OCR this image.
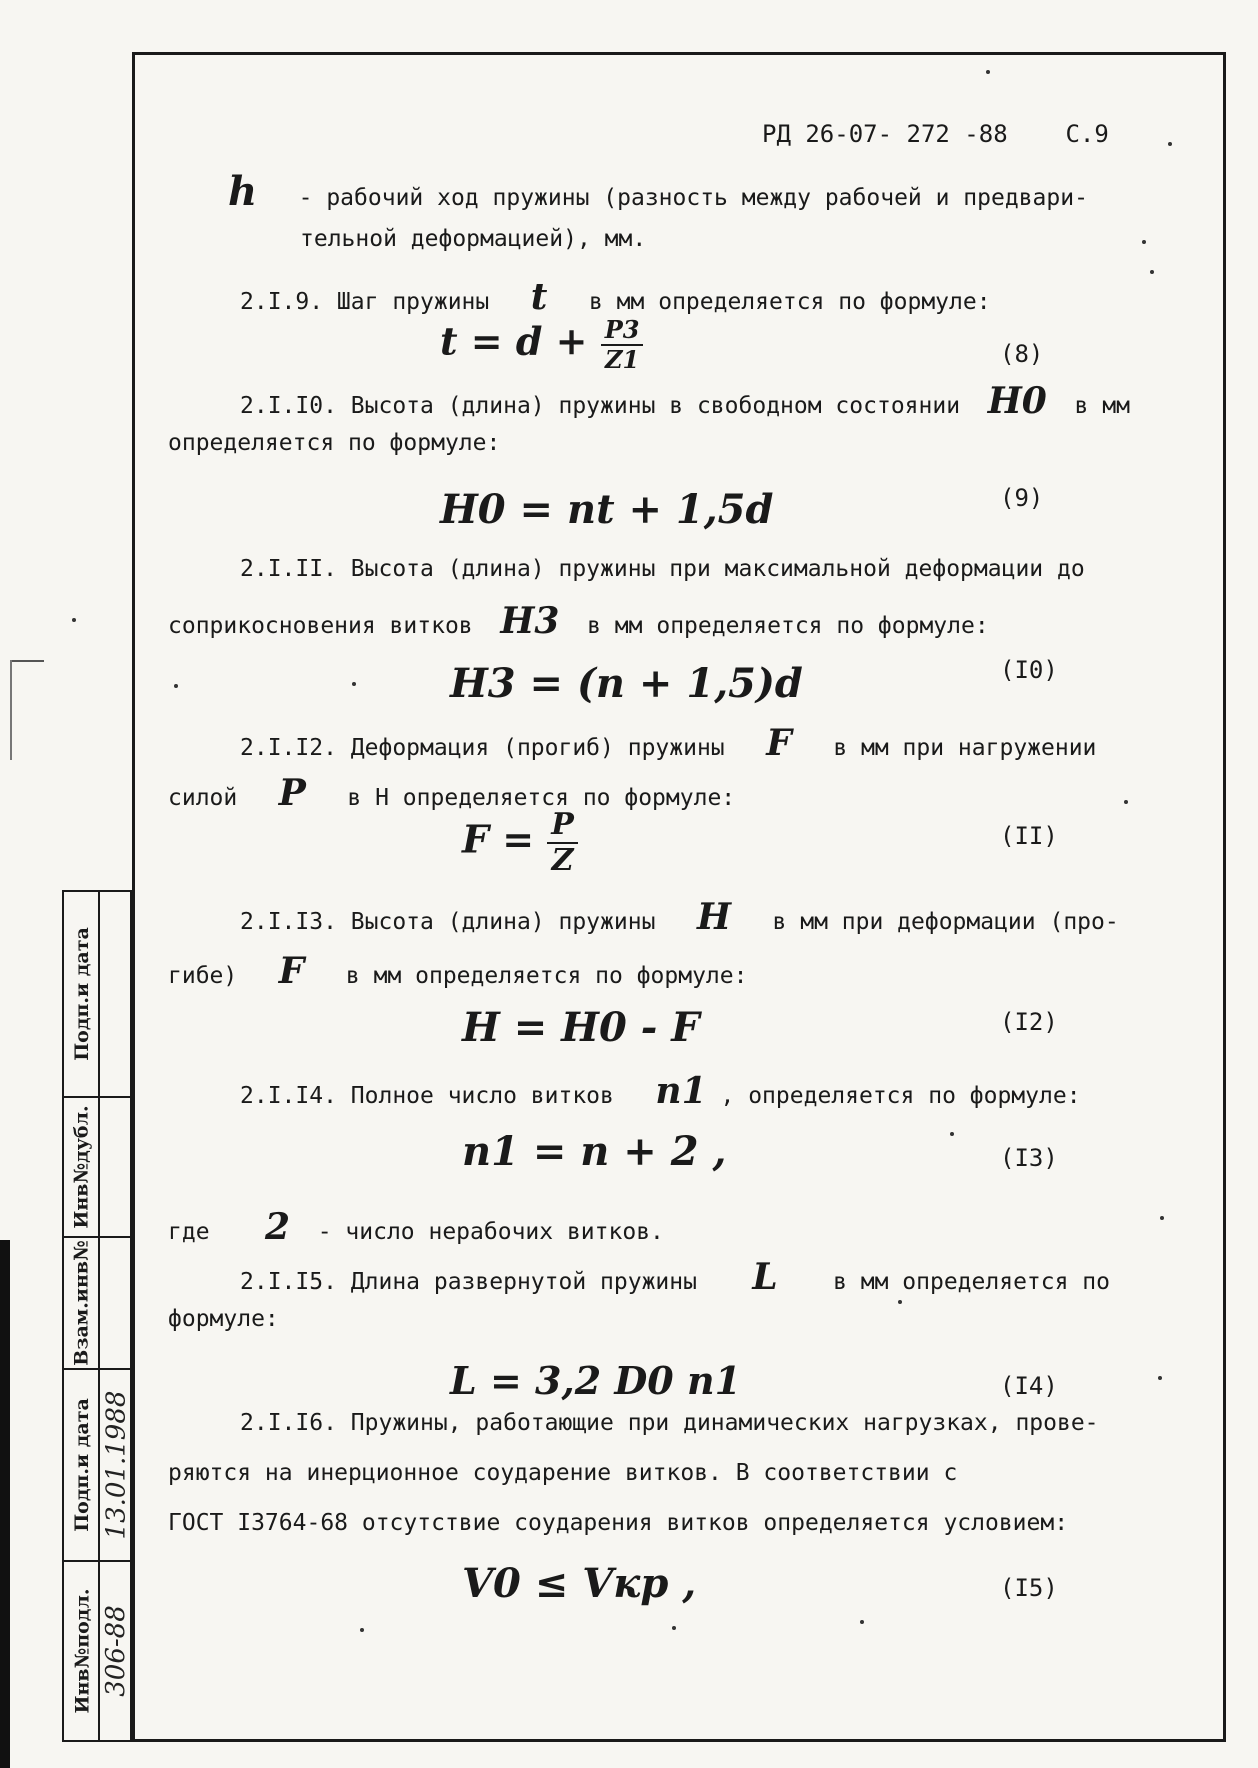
РД 26-07- 272 -88 С.9
h - рабочий ход пружины (разность между рабочей и предвари-
тельной деформацией), мм.
2.I.9. Шаг пружины t в мм определяется по формуле:
$t = d + \frac{P3}{Z1}$	(8)
2.I.I0. Высота (длина) пружины в свободном состоянии H0 в мм
определяется по формуле:
H0 = nt + 1,5d	(9)
2.I.II. Высота (длина) пружины при максимальной деформации до
соприкосновения витков H3 в мм определяется по формуле:
H3 = (n + 1,5)d	(I0)
2.I.I2. Деформация (прогиб) пружины F в мм при нагружении
силой P в Н определяется по формуле:
$F = \frac{P}{Z}$	(II)
2.I.I3. Высота (длина) пружины H в мм при деформации (про-
гибе) F в мм определяется по формуле:
H = H0 - F	(I2)
2.I.I4. Полное число витков n1 , определяется по формуле:
n1 = n + 2 ,	(I3)
где 2 - число нерабочих витков.
2.I.I5. Длина развернутой пружины L в мм определяется по
формуле:
L = 3,2 D0 n1	(I4)
2.I.I6. Пружины, работающие при динамических нагрузках, прове-
ряются на инерционное соударение витков. В соответствии с
ГОСТ I3764-68 отсутствие соударения витков определяется условием:
V0 ≤ Vкр ,	(I5)
Подп.и дата
Инв№дубл.
Взам.инв№
Подп.и дата
Инв№подл.
13.01.1988
306-88
